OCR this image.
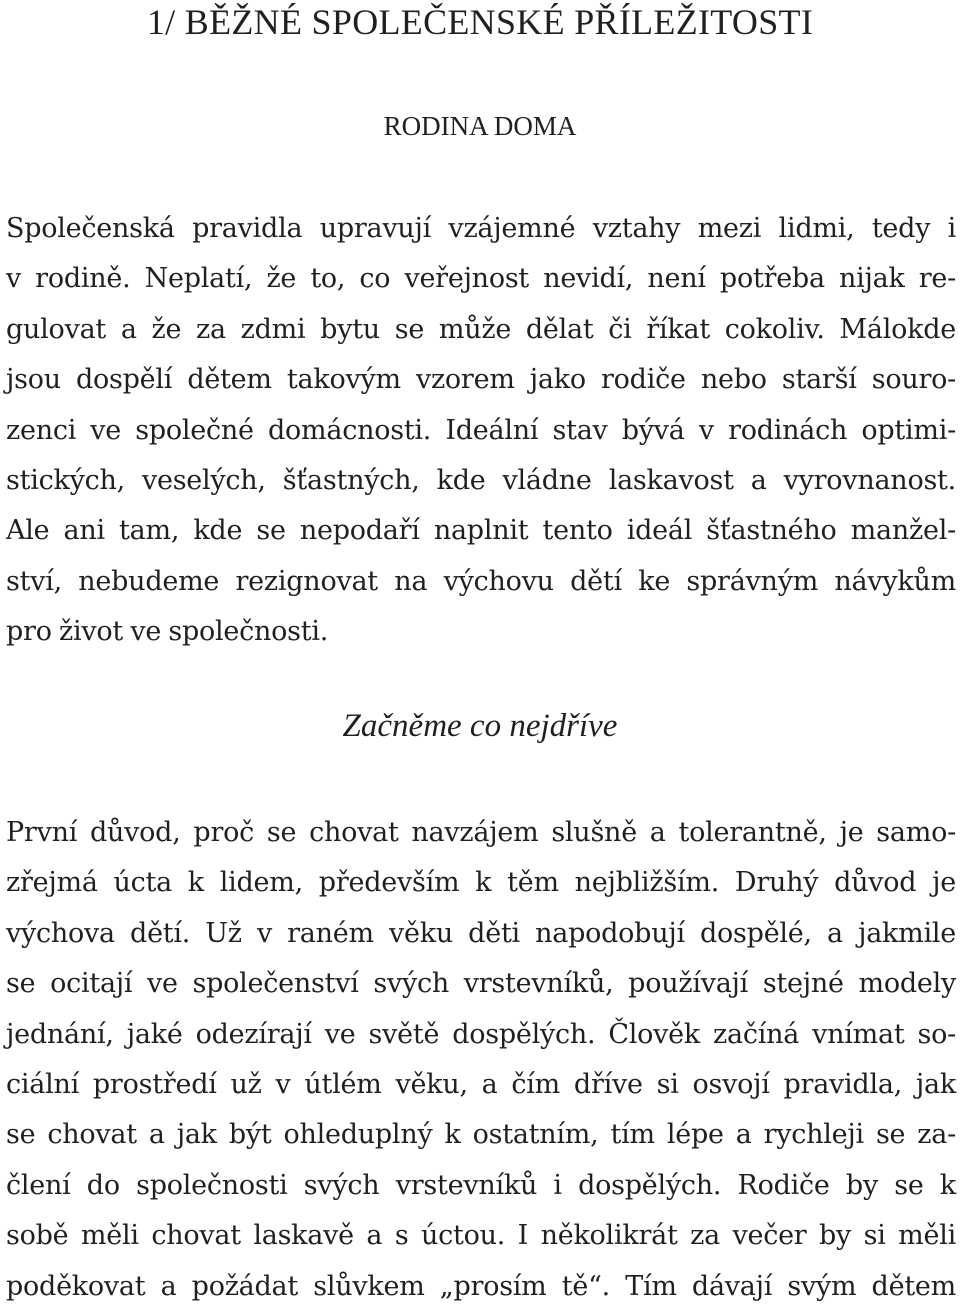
1/ BĚŽNÉ SPOLEČENSKÉ PŘÍLEŽITOSTI
RODINA DOMA
Společenská pravidla upravují vzájemné vztahy mezi lidmi, tedy i
v rodině. Neplatí, že to, co veřejnost nevidí, není potřeba nijak re-
gulovat a že za zdmi bytu se může dělat či říkat cokoliv. Málokde
jsou dospělí dětem takovým vzorem jako rodiče nebo starší souro-
zenci ve společné domácnosti. Ideální stav bývá v rodinách optimi-
stických, veselých, šťastných, kde vládne laskavost a vyrovnanost.
Ale ani tam, kde se nepodaří naplnit tento ideál šťastného manžel-
ství, nebudeme rezignovat na výchovu dětí ke správným návykům
pro život ve společnosti.
Začněme co nejdříve
První důvod, proč se chovat navzájem slušně a tolerantně, je samo-
zřejmá úcta k lidem, především k těm nejbližším. Druhý důvod je
výchova dětí. Už v raném věku děti napodobují dospělé, a jakmile
se ocitají ve společenství svých vrstevníků, používají stejné modely
jednání, jaké odezírají ve světě dospělých. Člověk začíná vnímat so-
ciální prostředí už v útlém věku, a čím dříve si osvojí pravidla, jak
se chovat a jak být ohleduplný k ostatním, tím lépe a rychleji se za-
člení do společnosti svých vrstevníků i dospělých. Rodiče by se k
sobě měli chovat laskavě a s úctou. I několikrát za večer by si měli
poděkovat a požádat slůvkem „prosím tě“. Tím dávají svým dětem
